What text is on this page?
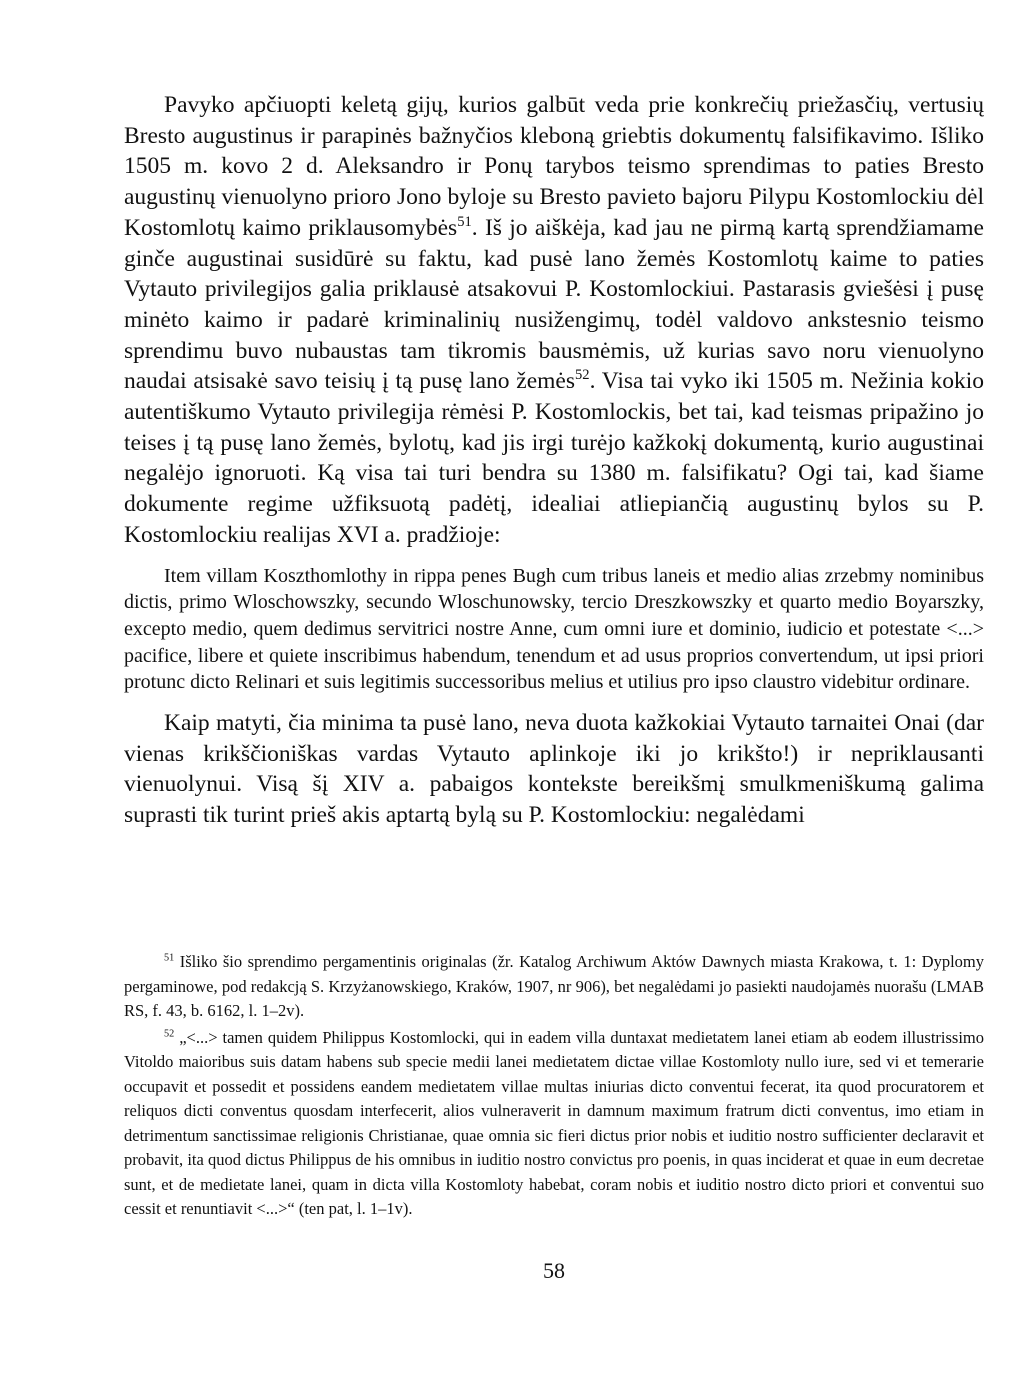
Pavyko apčiuopti keletą gijų, kurios galbūt veda prie konkrečių priežasčių, vertusių Bresto augustinus ir parapinės bažnyčios kleboną griebtis dokumentų falsifikavimo. Išliko 1505 m. kovo 2 d. Aleksandro ir Ponų tarybos teismo sprendimas to paties Bresto augustinų vienuolyno prioro Jono byloje su Bresto pavieto bajoru Pilypu Kostomlockiu dėl Kostomlotų kaimo priklausomybės$^{51}$. Iš jo aiškėja, kad jau ne pirmą kartą sprendžiamame ginče augustinai susidūrė su faktu, kad pusė lano žemės Kostomlotų kaime to paties Vytauto privilegijos galia priklausė atsakovui P. Kostomlockiui. Pastarasis gviešėsi į pusę minėto kaimo ir padarė kriminalinių nusižengimų, todėl valdovo ankstesnio teismo sprendimu buvo nubaustas tam tikromis bausmėmis, už kurias savo noru vienuolyno naudai atsisakė savo teisių į tą pusę lano žemės$^{52}$. Visa tai vyko iki 1505 m. Nežinia kokio autentiškumo Vytauto privilegija rėmėsi P. Kostomlockis, bet tai, kad teismas pripažino jo teises į tą pusę lano žemės, bylotų, kad jis irgi turėjo kažkokį dokumentą, kurio augustinai negalėjo ignoruoti. Ką visa tai turi bendra su 1380 m. falsifikatu? Ogi tai, kad šiame dokumente regime užfiksuotą padėtį, idealiai atliepiančią augustinų bylos su P. Kostomlockiu realijas XVI a. pradžioje:

Item villam Koszthomlothy in rippa penes Bugh cum tribus laneis et medio alias zrzebmy nominibus dictis, primo Wloschowszky, secundo Wloschunowsky, tercio Dreszkowszky et quarto medio Boyarszky, excepto medio, quem dedimus servitrici nostre Anne, cum omni iure et dominio, iudicio et potestate <...> pacifice, libere et quiete inscribimus habendum, tenendum et ad usus proprios convertendum, ut ipsi priori protunc dicto Relinari et suis legitimis successoribus melius et utilius pro ipso claustro videbitur ordinare.

Kaip matyti, čia minima ta pusė lano, neva duota kažkokiai Vytauto tarnaitei Onai (dar vienas krikščioniškas vardas Vytauto aplinkoje iki jo krikšto!) ir nepriklausanti vienuolynui. Visą šį XIV a. pabaigos kontekste bereikšmį smulkmeniškumą galima suprasti tik turint prieš akis aptartą bylą su P. Kostomlockiu: negalėdami

$^{51}$ Išliko šio sprendimo pergamentinis originalas (žr. Katalog Archiwum Aktów Dawnych miasta Krakowa, t. 1: Dyplomy pergaminowe, pod redakcją S. Krzyżanowskiego, Kraków, 1907, nr 906), bet negalėdami jo pasiekti naudojamės nuorašu (LMAB RS, f. 43, b. 6162, l. 1–2v).

$^{52}$ „<...> tamen quidem Philippus Kostomlocki, qui in eadem villa duntaxat medietatem lanei etiam ab eodem illustrissimo Vitoldo maioribus suis datam habens sub specie medii lanei medietatem dictae villae Kostomloty nullo iure, sed vi et temerarie occupavit et possedit et possidens eandem medietatem villae multas iniurias dicto conventui fecerat, ita quod procuratorem et reliquos dicti conventus quosdam interfecerit, alios vulneraverit in damnum maximum fratrum dicti conventus, imo etiam in detrimentum sanctissimae religionis Christianae, quae omnia sic fieri dictus prior nobis et iuditio nostro sufficienter declaravit et probavit, ita quod dictus Philippus de his omnibus in iuditio nostro convictus pro poenis, in quas inciderat et quae in eum decretae sunt, et de medietate lanei, quam in dicta villa Kostomloty habebat, coram nobis et iuditio nostro dicto priori et conventui suo cessit et renuntiavit <...>“ (ten pat, l. 1–1v).

58
